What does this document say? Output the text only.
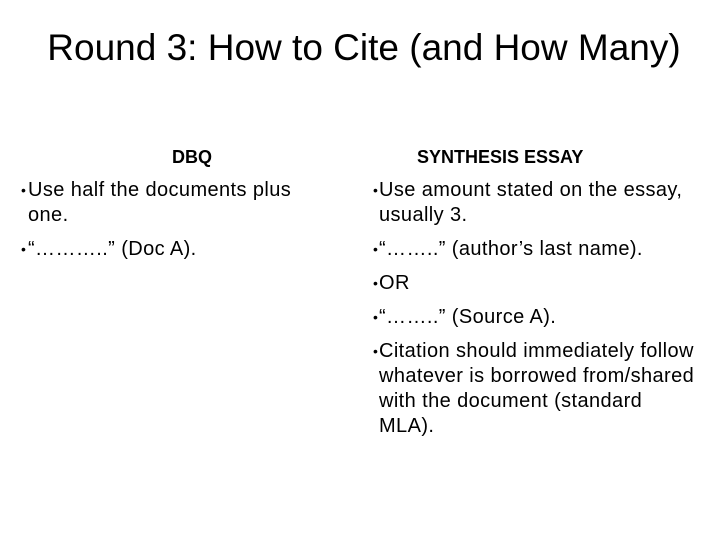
Round 3: How to Cite (and How Many)
DBQ	SYNTHESIS ESSAY
• Use half the documents plus one.
• “………..” (Doc A).
• Use amount stated on the essay, usually 3.
• “……..” (author’s last name).
• OR
• “……..” (Source A).
• Citation should immediately follow whatever is borrowed from/shared with the document (standard MLA).
